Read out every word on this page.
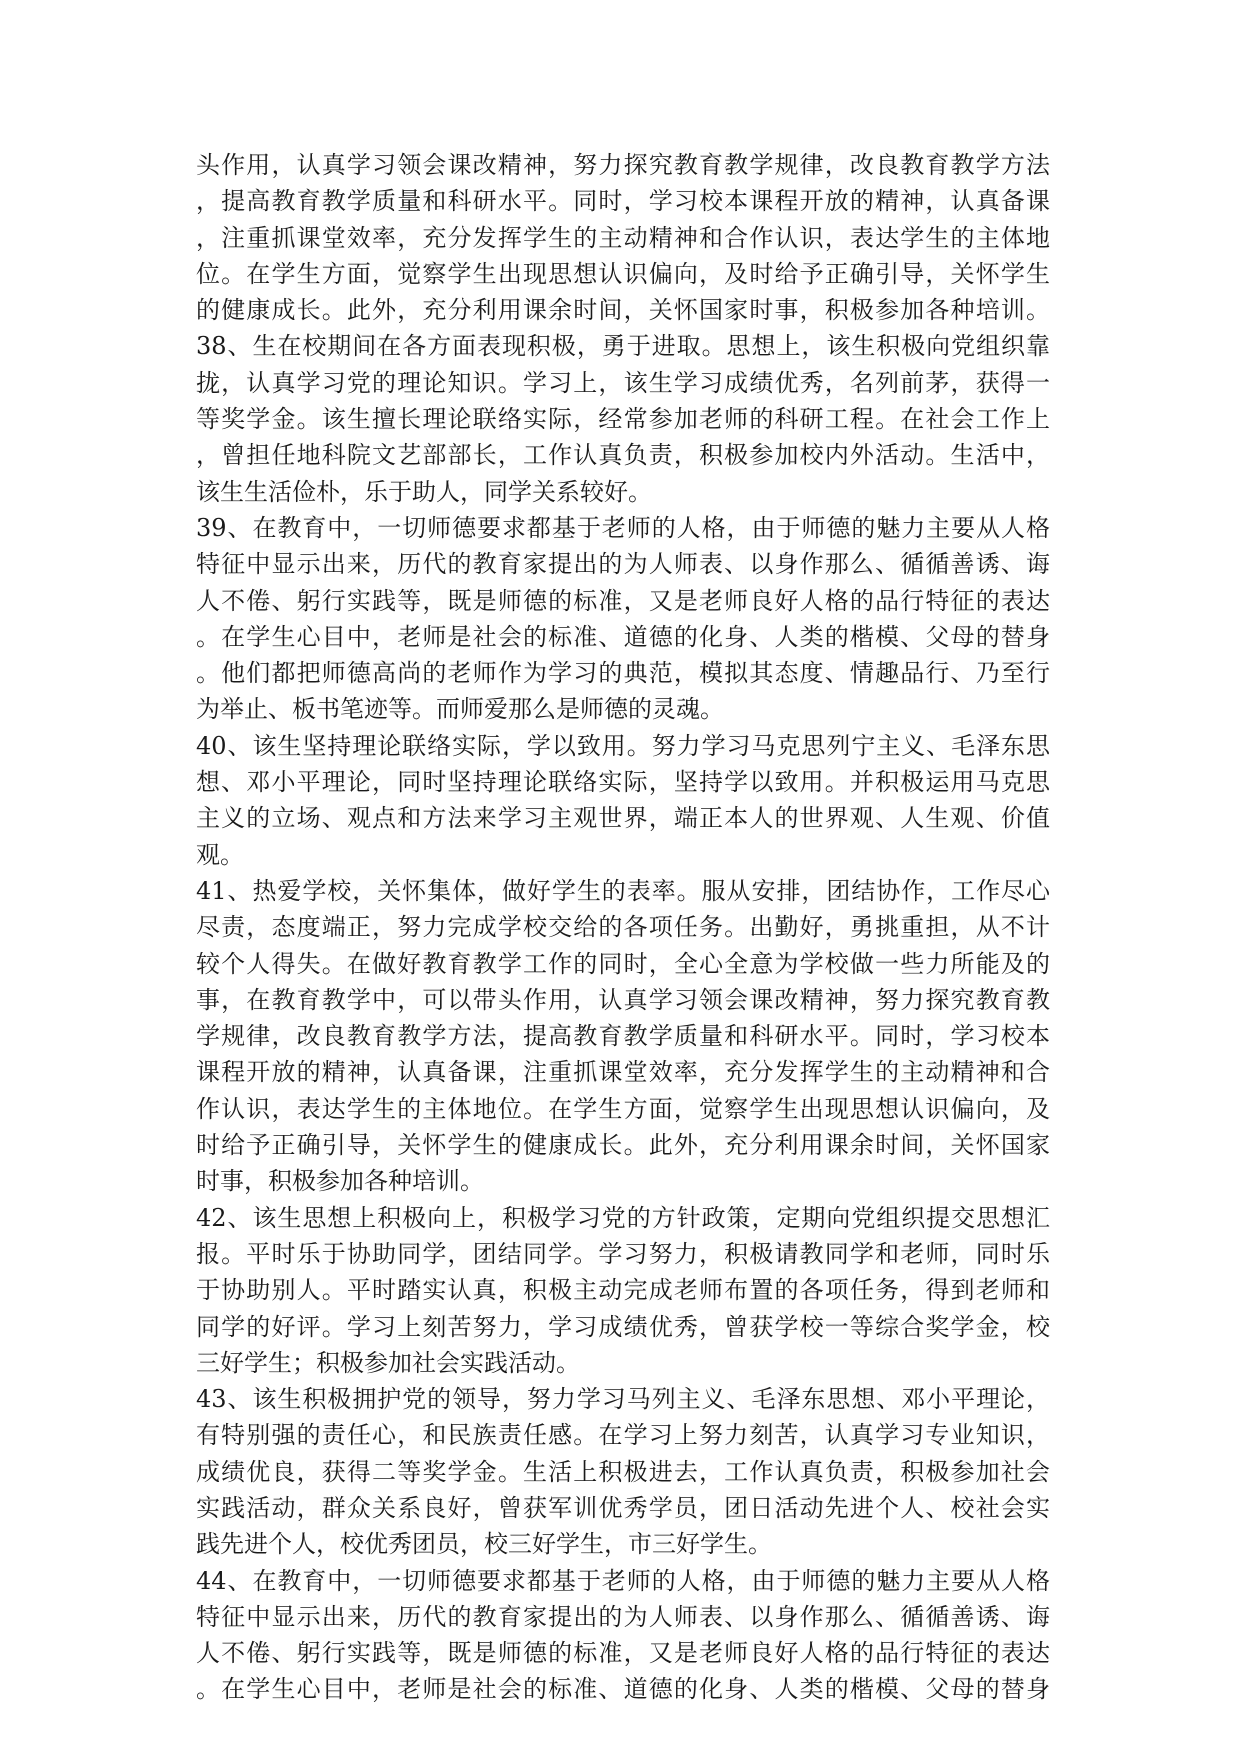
头作用，认真学习领会课改精神，努力探究教育教学规律，改良教育教学方法
，提高教育教学质量和科研水平。同时，学习校本课程开放的精神，认真备课
，注重抓课堂效率，充分发挥学生的主动精神和合作认识，表达学生的主体地
位。在学生方面，觉察学生出现思想认识偏向，及时给予正确引导，关怀学生
的健康成长。此外，充分利用课余时间，关怀国家时事，积极参加各种培训。
38、生在校期间在各方面表现积极，勇于进取。思想上，该生积极向党组织靠
拢，认真学习党的理论知识。学习上，该生学习成绩优秀，名列前茅，获得一
等奖学金。该生擅长理论联络实际，经常参加老师的科研工程。在社会工作上
，曾担任地科院文艺部部长，工作认真负责，积极参加校内外活动。生活中，
该生生活俭朴，乐于助人，同学关系较好。
39、在教育中，一切师德要求都基于老师的人格，由于师德的魅力主要从人格
特征中显示出来，历代的教育家提出的为人师表、以身作那么、循循善诱、诲
人不倦、躬行实践等，既是师德的标准，又是老师良好人格的品行特征的表达
。在学生心目中，老师是社会的标准、道德的化身、人类的楷模、父母的替身
。他们都把师德高尚的老师作为学习的典范，模拟其态度、情趣品行、乃至行
为举止、板书笔迹等。而师爱那么是师德的灵魂。
40、该生坚持理论联络实际，学以致用。努力学习马克思列宁主义、毛泽东思
想、邓小平理论，同时坚持理论联络实际，坚持学以致用。并积极运用马克思
主义的立场、观点和方法来学习主观世界，端正本人的世界观、人生观、价值
观。
41、热爱学校，关怀集体，做好学生的表率。服从安排，团结协作，工作尽心
尽责，态度端正，努力完成学校交给的各项任务。出勤好，勇挑重担，从不计
较个人得失。在做好教育教学工作的同时，全心全意为学校做一些力所能及的
事，在教育教学中，可以带头作用，认真学习领会课改精神，努力探究教育教
学规律，改良教育教学方法，提高教育教学质量和科研水平。同时，学习校本
课程开放的精神，认真备课，注重抓课堂效率，充分发挥学生的主动精神和合
作认识，表达学生的主体地位。在学生方面，觉察学生出现思想认识偏向，及
时给予正确引导，关怀学生的健康成长。此外，充分利用课余时间，关怀国家
时事，积极参加各种培训。
42、该生思想上积极向上，积极学习党的方针政策，定期向党组织提交思想汇
报。平时乐于协助同学，团结同学。学习努力，积极请教同学和老师，同时乐
于协助别人。平时踏实认真，积极主动完成老师布置的各项任务，得到老师和
同学的好评。学习上刻苦努力，学习成绩优秀，曾获学校一等综合奖学金，校
三好学生；积极参加社会实践活动。
43、该生积极拥护党的领导，努力学习马列主义、毛泽东思想、邓小平理论，
有特别强的责任心，和民族责任感。在学习上努力刻苦，认真学习专业知识，
成绩优良，获得二等奖学金。生活上积极进去，工作认真负责，积极参加社会
实践活动，群众关系良好，曾获军训优秀学员，团日活动先进个人、校社会实
践先进个人，校优秀团员，校三好学生，市三好学生。
44、在教育中，一切师德要求都基于老师的人格，由于师德的魅力主要从人格
特征中显示出来，历代的教育家提出的为人师表、以身作那么、循循善诱、诲
人不倦、躬行实践等，既是师德的标准，又是老师良好人格的品行特征的表达
。在学生心目中，老师是社会的标准、道德的化身、人类的楷模、父母的替身
